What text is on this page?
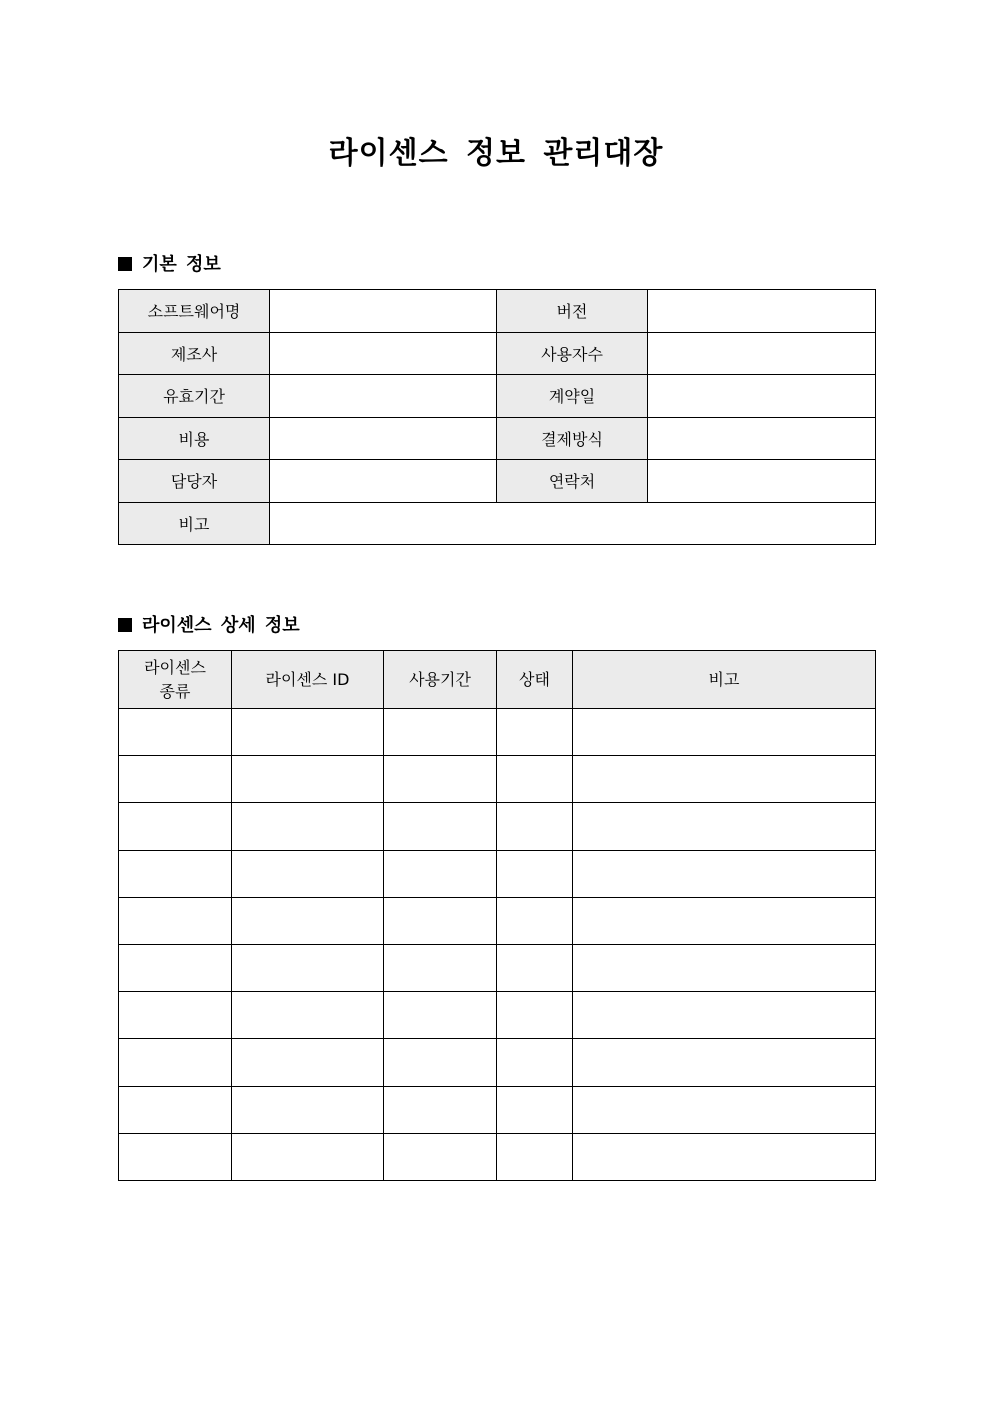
라이센스 정보 관리대장
기본 정보
소프트웨어명		버전	
제조사		사용자수	
유효기간		계약일	
비용		결제방식	
담당자		연락처	
비고			
라이센스 상세 정보
라이센스
종류	라이센스 ID	사용기간	상태	비고
